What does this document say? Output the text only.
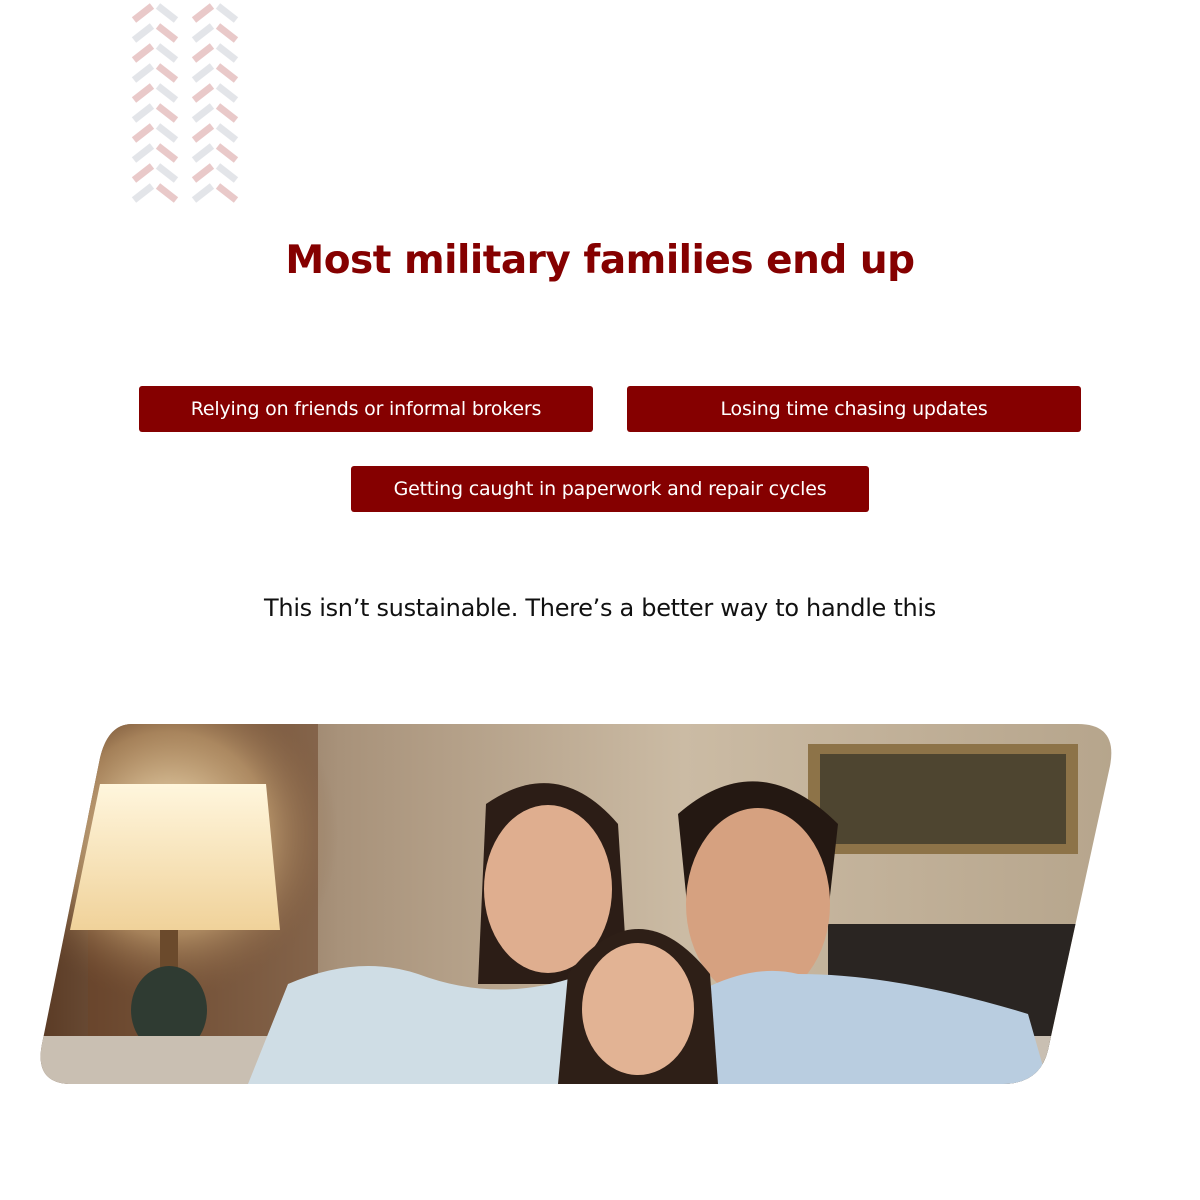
Most military families end up
Relying on friends or informal brokers	Losing time chasing updates
Getting caught in paperwork and repair cycles

This isn’t sustainable. There’s a better way to handle this
